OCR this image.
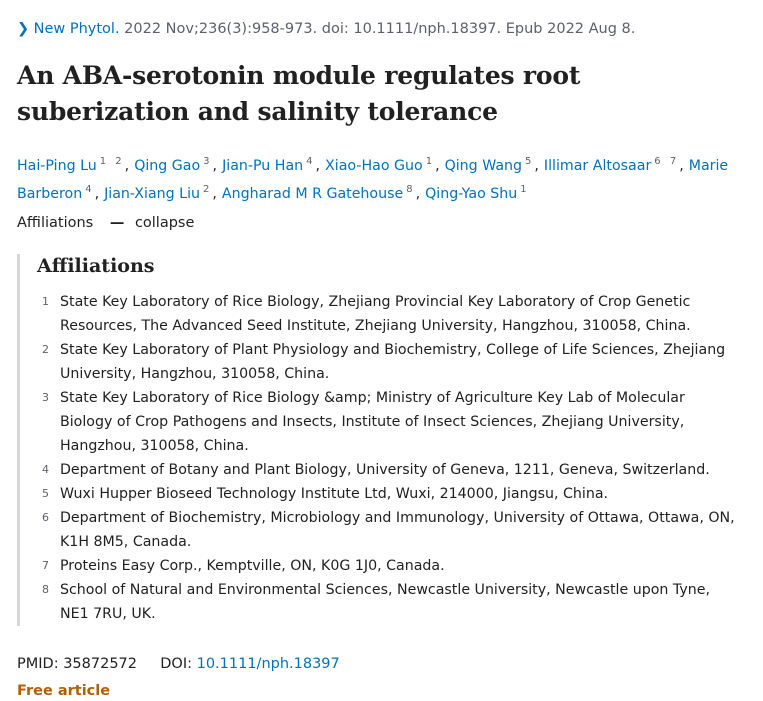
❯ New Phytol. 2022 Nov;236(3):958-973. doi: 10.1111/nph.18397. Epub 2022 Aug 8.
An ABA-serotonin module regulates root suberization and salinity tolerance
Hai-Ping Lu $^{1 2}$, Qing Gao $^3$, Jian-Pu Han $^4$, Xiao-Hao Guo $^1$, Qing Wang $^5$, Illimar Altosaar $^{6 7}$, Marie Barberon $^4$, Jian-Xiang Liu $^2$, Angharad M R Gatehouse $^8$, Qing-Yao Shu $^1$
Affiliations — collapse
Affiliations
1 State Key Laboratory of Rice Biology, Zhejiang Provincial Key Laboratory of Crop Genetic Resources, The Advanced Seed Institute, Zhejiang University, Hangzhou, 310058, China.
2 State Key Laboratory of Plant Physiology and Biochemistry, College of Life Sciences, Zhejiang University, Hangzhou, 310058, China.
3 State Key Laboratory of Rice Biology &amp; Ministry of Agriculture Key Lab of Molecular Biology of Crop Pathogens and Insects, Institute of Insect Sciences, Zhejiang University, Hangzhou, 310058, China.
4 Department of Botany and Plant Biology, University of Geneva, 1211, Geneva, Switzerland.
5 Wuxi Hupper Bioseed Technology Institute Ltd, Wuxi, 214000, Jiangsu, China.
6 Department of Biochemistry, Microbiology and Immunology, University of Ottawa, Ottawa, ON, K1H 8M5, Canada.
7 Proteins Easy Corp., Kemptville, ON, K0G 1J0, Canada.
8 School of Natural and Environmental Sciences, Newcastle University, Newcastle upon Tyne, NE1 7RU, UK.
PMID: 35872572 DOI: 10.1111/nph.18397
Free article
